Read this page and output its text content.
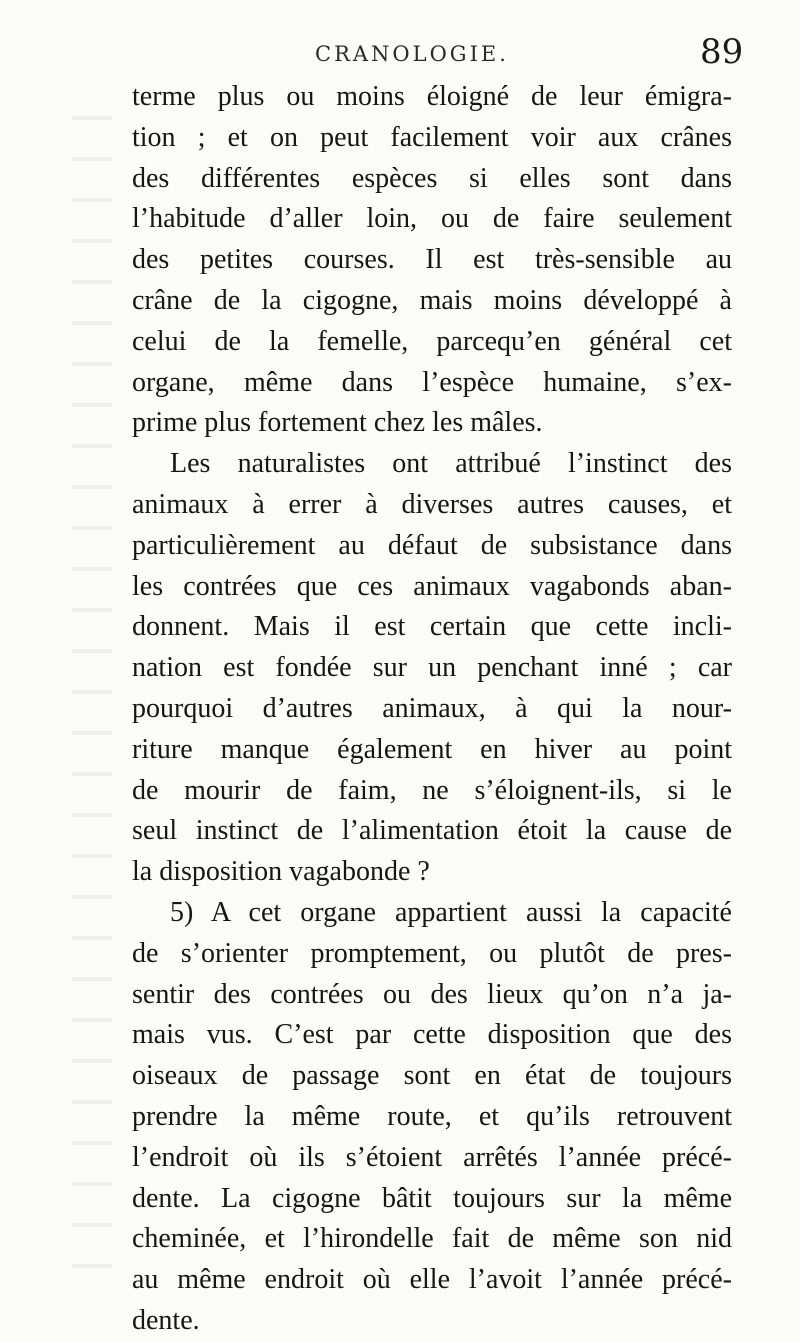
CRANOLOGIE.	89
terme plus ou moins éloigné de leur émigra-
tion ; et on peut facilement voir aux crânes
des différentes espèces si elles sont dans
l’habitude d’aller loin, ou de faire seulement
des petites courses. Il est très-sensible au
crâne de la cigogne, mais moins développé à
celui de la femelle, parcequ’en général cet
organe, même dans l’espèce humaine, s’ex-
prime plus fortement chez les mâles.
Les naturalistes ont attribué l’instinct des
animaux à errer à diverses autres causes, et
particulièrement au défaut de subsistance dans
les contrées que ces animaux vagabonds aban-
donnent. Mais il est certain que cette incli-
nation est fondée sur un penchant inné ; car
pourquoi d’autres animaux, à qui la nour-
riture manque également en hiver au point
de mourir de faim, ne s’éloignent-ils, si le
seul instinct de l’alimentation étoit la cause de
la disposition vagabonde ?
5) A cet organe appartient aussi la capacité
de s’orienter promptement, ou plutôt de pres-
sentir des contrées ou des lieux qu’on n’a ja-
mais vus. C’est par cette disposition que des
oiseaux de passage sont en état de toujours
prendre la même route, et qu’ils retrouvent
l’endroit où ils s’étoient arrêtés l’année précé-
dente. La cigogne bâtit toujours sur la même
cheminée, et l’hirondelle fait de même son nid
au même endroit où elle l’avoit l’année précé-
dente.
